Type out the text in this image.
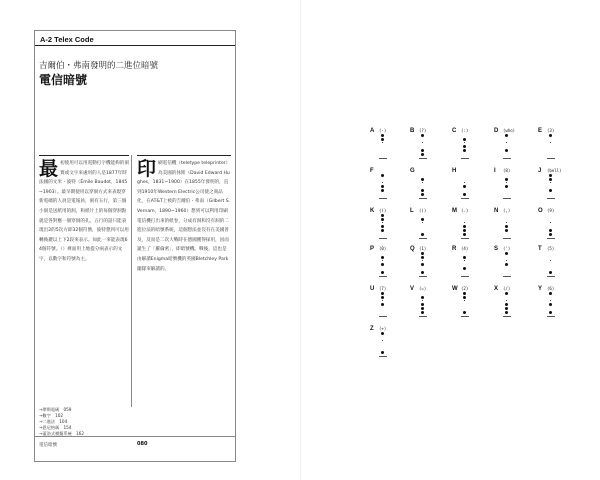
A-2 Telex Code
吉爾伯・弗南發明的二進位暗號
電信暗號
最 初使用可以用電動打字機能夠的洞實或文字來處用的人是1877年時法國的文米・波特（Émile Baudot，1845~1903）。最早期使用以穿洞方式來表現穿新電碼的人員是電報員，洞有五行，第三個小洞是送紙用的洞，和紙片上的每個穿洞點就是各對應一個穿洞的孔。五行的話只能表現出2的5次方即32個符號，波特想到可以用轉換鍵以上下2段來表示。如此一來能表現64個符號。（）裡面用上地提分兩表示的文字，以數字和符號為主。
印 刷電信機（teletype teleprinter）為美國的休斯（David Edward Hughes，1831~1900）在1855年發明的，直到1910年Western Electric公司使之商品化，在AT&T上被的吉爾伯・弗南（Gilbert S. Vernam，1890~1960）想到可以利用印刷電信機打出來的紙卷，分成有洞和沒有洞的二進位法的暗號系統，這個想法並沒有在美國普及，反而是二次大戰時在德國獲得採用，因而誕生了「羅倫密」，即暗號機。戰後，這也是由解讀Enigma暗號機的英國Bletchley Park團隊來解讀的。
→摩斯電碼　059
→數字　102
→二進法　104
→恩尼格瑪　154
→蓋洛式模擬系統　162
電信暗號	080
A (-)	B (?)	C (:)	D (who)	E (3)
F	G	H	I (8)	J (bell)
K (()	L ())	M (.)	N (,)	O (9)
P (0)	Q (1)	R (4)	S (')	T (5)
U (7)	V (=)	W (2)	X (/)	Y (6)
Z (+)
